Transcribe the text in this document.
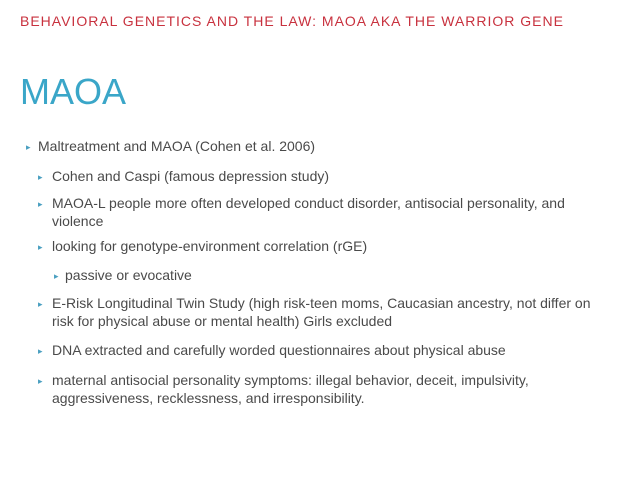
BEHAVIORAL GENETICS AND THE LAW: MAOA AKA THE WARRIOR GENE
MAOA
▸ Maltreatment and MAOA (Cohen et al. 2006)
▸ Cohen and Caspi (famous depression study)
▸ MAOA-L people more often developed conduct disorder, antisocial personality, and violence
▸ looking for genotype-environment correlation (rGE)
▸ passive or evocative
▸ E-Risk Longitudinal Twin Study (high risk-teen moms, Caucasian ancestry, not differ on risk for physical abuse or mental health) Girls excluded
▸ DNA extracted and carefully worded questionnaires about physical abuse
▸ maternal antisocial personality symptoms: illegal behavior, deceit, impulsivity, aggressiveness, recklessness, and irresponsibility.
